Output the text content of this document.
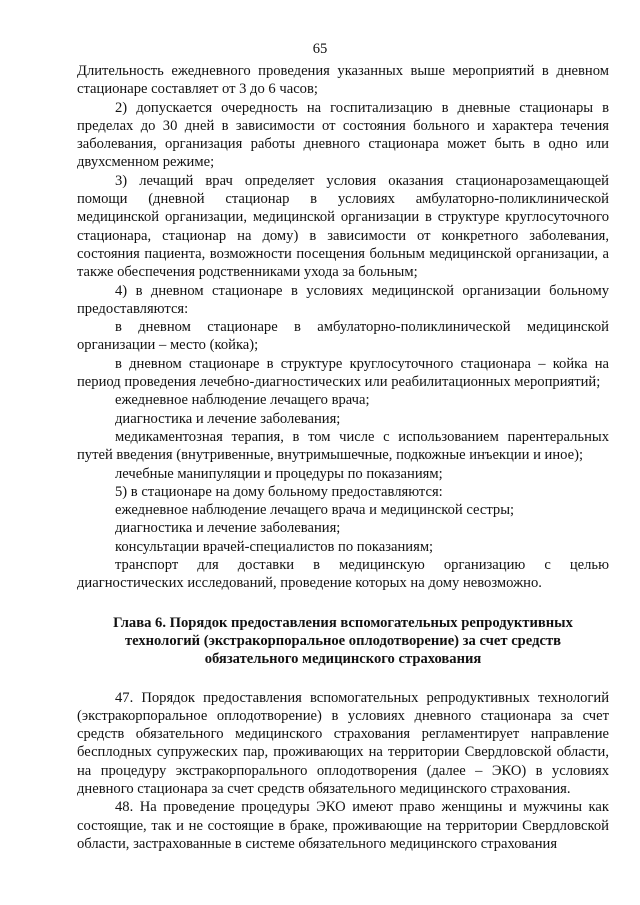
65

Длительность ежедневного проведения указанных выше мероприятий в дневном стационаре составляет от 3 до 6 часов;

2) допускается очередность на госпитализацию в дневные стационары в пределах до 30 дней в зависимости от состояния больного и характера течения заболевания, организация работы дневного стационара может быть в одно или двухсменном режиме;

3) лечащий врач определяет условия оказания стационарозамещающей помощи (дневной стационар в условиях амбулаторно-поликлинической медицинской организации, медицинской организации в структуре круглосуточного стационара, стационар на дому) в зависимости от конкретного заболевания, состояния пациента, возможности посещения больным медицинской организации, а также обеспечения родственниками ухода за больным;

4) в дневном стационаре в условиях медицинской организации больному предоставляются:

в дневном стационаре в амбулаторно-поликлинической медицинской организации – место (койка);

в дневном стационаре в структуре круглосуточного стационара – койка на период проведения лечебно-диагностических или реабилитационных мероприятий;

ежедневное наблюдение лечащего врача;

диагностика и лечение заболевания;

медикаментозная терапия, в том числе с использованием парентеральных путей введения (внутривенные, внутримышечные, подкожные инъекции и иное);

лечебные манипуляции и процедуры по показаниям;

5) в стационаре на дому больному предоставляются:

ежедневное наблюдение лечащего врача и медицинской сестры;

диагностика и лечение заболевания;

консультации врачей-специалистов по показаниям;

транспорт для доставки в медицинскую организацию с целью диагностических исследований, проведение которых на дому невозможно.

Глава 6. Порядок предоставления вспомогательных репродуктивных
технологий (экстракорпоральное оплодотворение) за счет средств
обязательного медицинского страхования

47. Порядок предоставления вспомогательных репродуктивных технологий (экстракорпоральное оплодотворение) в условиях дневного стационара за счет средств обязательного медицинского страхования регламентирует направление бесплодных супружеских пар, проживающих на территории Свердловской области, на процедуру экстракорпорального оплодотворения (далее – ЭКО) в условиях дневного стационара за счет средств обязательного медицинского страхования.

48. На проведение процедуры ЭКО имеют право женщины и мужчины как состоящие, так и не состоящие в браке, проживающие на территории Свердловской области, застрахованные в системе обязательного медицинского страхования
